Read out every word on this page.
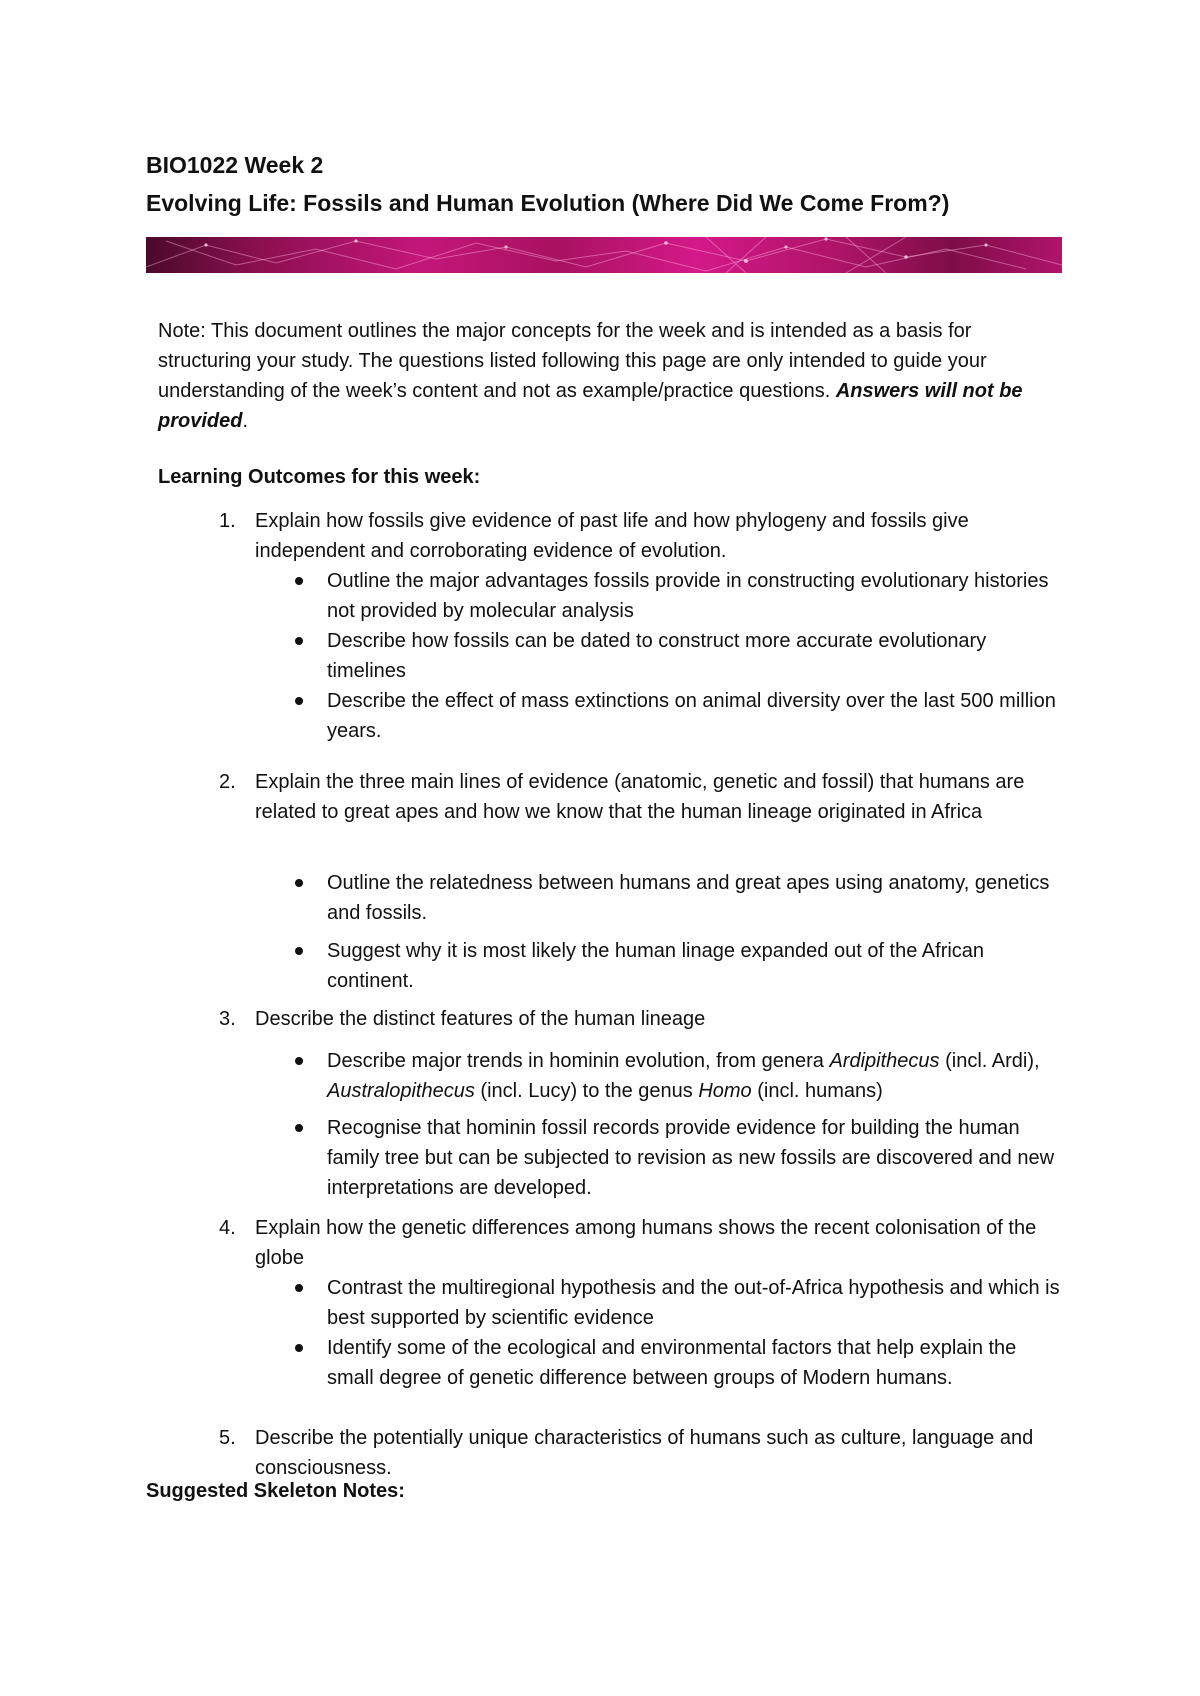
BIO1022 Week 2
Evolving Life: Fossils and Human Evolution (Where Did We Come From?)
Note: This document outlines the major concepts for the week and is intended as a basis for structuring your study. The questions listed following this page are only intended to guide your understanding of the week’s content and not as example/practice questions. Answers will not be provided.
Learning Outcomes for this week:
1. Explain how fossils give evidence of past life and how phylogeny and fossils give independent and corroborating evidence of evolution.
Outline the major advantages fossils provide in constructing evolutionary histories not provided by molecular analysis
Describe how fossils can be dated to construct more accurate evolutionary timelines
Describe the effect of mass extinctions on animal diversity over the last 500 million years.
2. Explain the three main lines of evidence (anatomic, genetic and fossil) that humans are related to great apes and how we know that the human lineage originated in Africa
Outline the relatedness between humans and great apes using anatomy, genetics and fossils.
Suggest why it is most likely the human linage expanded out of the African continent.
3. Describe the distinct features of the human lineage
Describe major trends in hominin evolution, from genera Ardipithecus (incl. Ardi), Australopithecus (incl. Lucy) to the genus Homo (incl. humans)
Recognise that hominin fossil records provide evidence for building the human family tree but can be subjected to revision as new fossils are discovered and new interpretations are developed.
4. Explain how the genetic differences among humans shows the recent colonisation of the globe
Contrast the multiregional hypothesis and the out-of-Africa hypothesis and which is best supported by scientific evidence
Identify some of the ecological and environmental factors that help explain the small degree of genetic difference between groups of Modern humans.
5. Describe the potentially unique characteristics of humans such as culture, language and consciousness.
Suggested Skeleton Notes:
